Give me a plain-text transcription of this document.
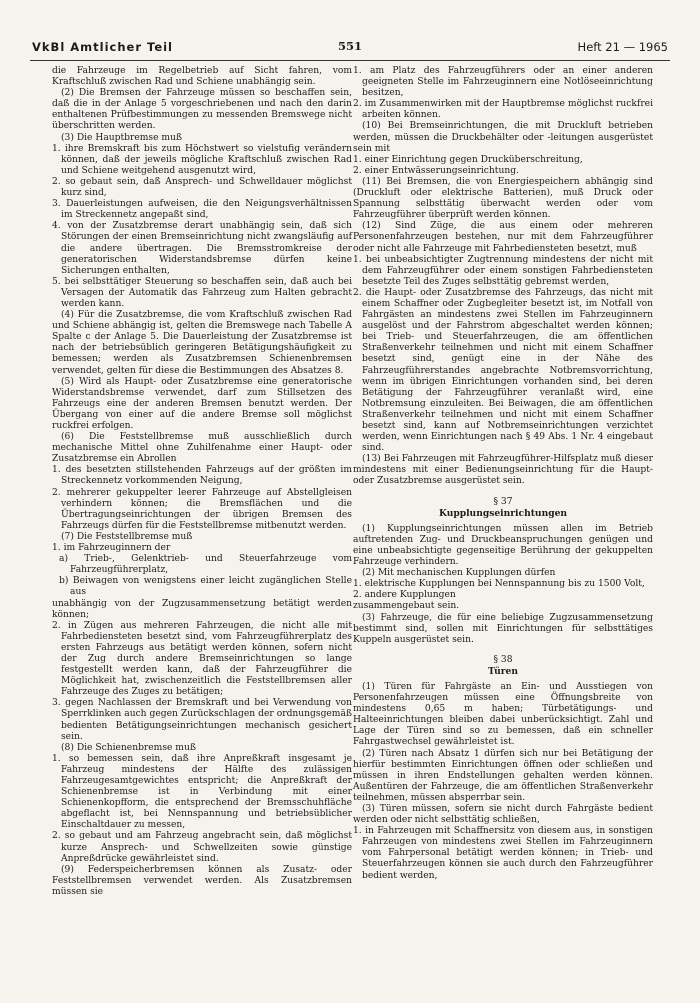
VkBl Amtlicher Teil	551	Heft 21 — 1965

die Fahrzeuge im Regelbetrieb auf Sicht fahren, vom Kraftschluß zwischen Rad und Schiene unabhängig sein.

(2) Die Bremsen der Fahrzeuge müssen so beschaffen sein, daß die in der Anlage 5 vorgeschriebenen und nach den darin enthaltenen Prüfbestimmungen zu messenden Bremswege nicht überschritten werden.

(3) Die Hauptbremse muß

1. ihre Bremskraft bis zum Höchstwert so vielstufig verändern können, daß der jeweils mögliche Kraftschluß zwischen Rad und Schiene weitgehend ausgenutzt wird,

2. so gebaut sein, daß Ansprech- und Schwelldauer möglichst kurz sind,

3. Dauerleistungen aufweisen, die den Neigungsverhältnissen im Streckennetz angepaßt sind,

4. von der Zusatzbremse derart unabhängig sein, daß sich Störungen der einen Bremseinrichtung nicht zwangsläufig auf die andere übertragen. Die Bremsstromkreise der generatorischen Widerstandsbremse dürfen keine Sicherungen enthalten,

5. bei selbsttätiger Steuerung so beschaffen sein, daß auch bei Versagen der Automatik das Fahrzeug zum Halten gebracht werden kann.

(4) Für die Zusatzbremse, die vom Kraftschluß zwischen Rad und Schiene abhängig ist, gelten die Bremswege nach Tabelle A Spalte c der Anlage 5. Die Dauerleistung der Zusatzbremse ist nach der betriebsüblich geringeren Betätigungshäufigkeit zu bemessen; werden als Zusatzbremsen Schienenbremsen verwendet, gelten für diese die Bestimmungen des Absatzes 8.

(5) Wird als Haupt- oder Zusatzbremse eine generatorische Widerstandsbremse verwendet, darf zum Stillsetzen des Fahrzeugs eine der anderen Bremsen benutzt werden. Der Übergang von einer auf die andere Bremse soll möglichst ruckfrei erfolgen.

(6) Die Feststellbremse muß ausschließlich durch mechanische Mittel ohne Zuhilfenahme einer Haupt- oder Zusatzbremse ein Abrollen

1. des besetzten stillstehenden Fahrzeugs auf der größten im Streckennetz vorkommenden Neigung,

2. mehrerer gekuppelter leerer Fahrzeuge auf Abstellgleisen verhindern können; die Bremsflächen und die Übertragungseinrichtungen der übrigen Bremsen des Fahrzeugs dürfen für die Feststellbremse mitbenutzt werden.

(7) Die Feststellbremse muß

1. im Fahrzeuginnern der

a) Trieb-, Gelenktrieb- und Steuerfahrzeuge vom Fahrzeugführerplatz,

b) Beiwagen von wenigstens einer leicht zugänglichen Stelle aus

unabhängig von der Zugzusammensetzung betätigt werden können;

2. in Zügen aus mehreren Fahrzeugen, die nicht alle mit Fahrbediensteten besetzt sind, vom Fahrzeugführerplatz des ersten Fahrzeugs aus betätigt werden können, sofern nicht der Zug durch andere Bremseinrichtungen so lange festgestellt werden kann, daß der Fahrzeugführer die Möglichkeit hat, zwischenzeitlich die Feststellbremsen aller Fahrzeuge des Zuges zu betätigen;

3. gegen Nachlassen der Bremskraft und bei Verwendung von Sperrklinken auch gegen Zurückschlagen der ordnungsgemäß bedienten Betätigungseinrichtungen mechanisch gesichert sein.

(8) Die Schienenbremse muß

1. so bemessen sein, daß ihre Anpreßkraft insgesamt je Fahrzeug mindestens der Hälfte des zulässigen Fahrzeugesamtgewichtes entspricht; die Anpreßkraft der Schienenbremse ist in Verbindung mit einer Schienenkopfform, die entsprechend der Bremsschuhfläche abgeflacht ist, bei Nennspannung und betriebsüblicher Einschaltdauer zu messen,

2. so gebaut und am Fahrzeug angebracht sein, daß möglichst kurze Ansprech- und Schwellzeiten sowie günstige Anpreßdrücke gewährleistet sind.

(9) Federspeicherbremsen können als Zusatz- oder Feststellbremsen verwendet werden. Als Zusatzbremsen müssen sie

1. am Platz des Fahrzeugführers oder an einer anderen geeigneten Stelle im Fahrzeuginnern eine Notlöseeinrichtung besitzen,

2. im Zusammenwirken mit der Hauptbremse möglichst ruckfrei arbeiten können.

(10) Bei Bremseinrichtungen, die mit Druckluft betrieben werden, müssen die Druckbehälter oder -leitungen ausgerüstet sein mit

1. einer Einrichtung gegen Drucküberschreitung,

2. einer Entwässerungseinrichtung.

(11) Bei Bremsen, die von Energiespeichern abhängig sind (Druckluft oder elektrische Batterien), muß Druck oder Spannung selbsttätig überwacht werden oder vom Fahrzeugführer überprüft werden können.

(12) Sind Züge, die aus einem oder mehreren Personenfahrzeugen bestehen, nur mit dem Fahrzeugführer oder nicht alle Fahrzeuge mit Fahrbediensteten besetzt, muß

1. bei unbeabsichtigter Zugtrennung mindestens der nicht mit dem Fahrzeugführer oder einem sonstigen Fahrbediensteten besetzte Teil des Zuges selbsttätig gebremst werden,

2. die Haupt- oder Zusatzbremse des Fahrzeugs, das nicht mit einem Schaffner oder Zugbegleiter besetzt ist, im Notfall von Fahrgästen an mindestens zwei Stellen im Fahrzeuginnern ausgelöst und der Fahrstrom abgeschaltet werden können; bei Trieb- und Steuerfahrzeugen, die am öffentlichen Straßenverkehr teilnehmen und nicht mit einem Schaffner besetzt sind, genügt eine in der Nähe des Fahrzeugführerstandes angebrachte Notbremsvorrichtung, wenn im übrigen Einrichtungen vorhanden sind, bei deren Betätigung der Fahrzeugführer veranlaßt wird, eine Notbremsung einzuleiten. Bei Beiwagen, die am öffentlichen Straßenverkehr teilnehmen und nicht mit einem Schaffner besetzt sind, kann auf Notbremseinrichtungen verzichtet werden, wenn Einrichtungen nach § 49 Abs. 1 Nr. 4 eingebaut sind.

(13) Bei Fahrzeugen mit Fahrzeugführer-Hilfsplatz muß dieser mindestens mit einer Bedienungseinrichtung für die Haupt- oder Zusatzbremse ausgerüstet sein.

§ 37

Kupplungseinrichtungen

(1) Kupplungseinrichtungen müssen allen im Betrieb auftretenden Zug- und Druckbeanspruchungen genügen und eine unbeabsichtigte gegenseitige Berührung der gekuppelten Fahrzeuge verhindern.

(2) Mit mechanischen Kupplungen dürfen

1. elektrische Kupplungen bei Nennspannung bis zu 1500 Volt,

2. andere Kupplungen

zusammengebaut sein.

(3) Fahrzeuge, die für eine beliebige Zugzusammensetzung bestimmt sind, sollen mit Einrichtungen für selbsttätiges Kuppeln ausgerüstet sein.

§ 38

Türen

(1) Türen für Fahrgäste an Ein- und Ausstiegen von Personenfahrzeugen müssen eine Öffnungsbreite von mindestens 0,65 m haben; Türbetätigungs- und Halteeinrichtungen bleiben dabei unberücksichtigt. Zahl und Lage der Türen sind so zu bemessen, daß ein schneller Fahrgastwechsel gewährleistet ist.

(2) Türen nach Absatz 1 dürfen sich nur bei Betätigung der hierfür bestimmten Einrichtungen öffnen oder schließen und müssen in ihren Endstellungen gehalten werden können. Außentüren der Fahrzeuge, die am öffentlichen Straßenverkehr teilnehmen, müssen absperrbar sein.

(3) Türen müssen, sofern sie nicht durch Fahrgäste bedient werden oder nicht selbsttätig schließen,

1. in Fahrzeugen mit Schaffnersitz von diesem aus, in sonstigen Fahrzeugen von mindestens zwei Stellen im Fahrzeuginnern vom Fahrpersonal betätigt werden können; in Trieb- und Steuerfahrzeugen können sie auch durch den Fahrzeugführer bedient werden,
